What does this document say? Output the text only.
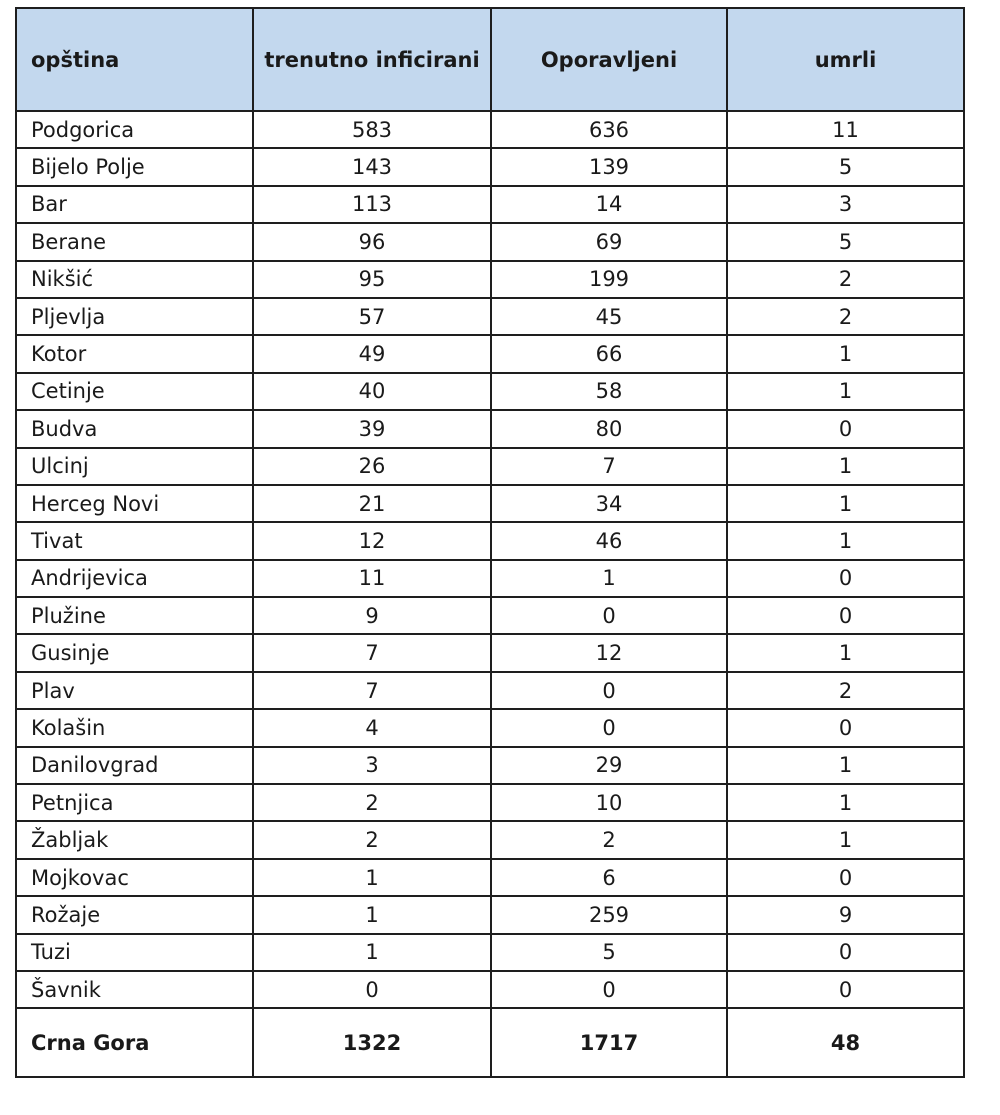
opština	trenutno inficirani	Oporavljeni	umrli
Podgorica	583	636	11
Bijelo Polje	143	139	5
Bar	113	14	3
Berane	96	69	5
Nikšić	95	199	2
Pljevlja	57	45	2
Kotor	49	66	1
Cetinje	40	58	1
Budva	39	80	0
Ulcinj	26	7	1
Herceg Novi	21	34	1
Tivat	12	46	1
Andrijevica	11	1	0
Plužine	9	0	0
Gusinje	7	12	1
Plav	7	0	2
Kolašin	4	0	0
Danilovgrad	3	29	1
Petnjica	2	10	1
Žabljak	2	2	1
Mojkovac	1	6	0
Rožaje	1	259	9
Tuzi	1	5	0
Šavnik	0	0	0
Crna Gora	1322	1717	48
